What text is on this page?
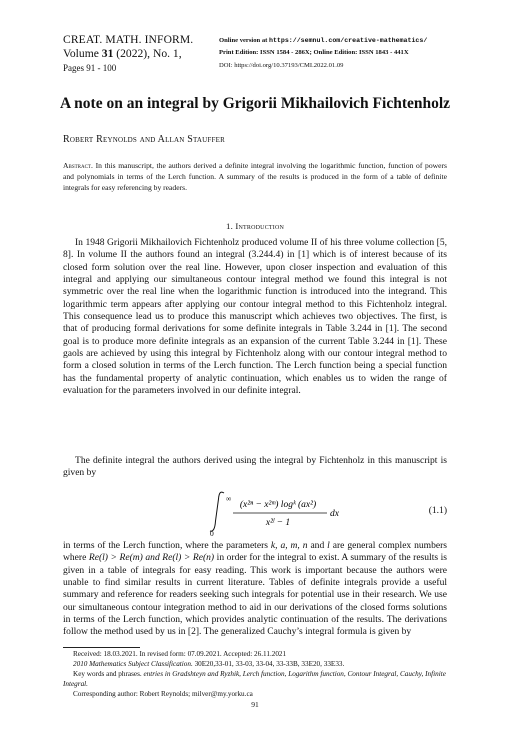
CREAT. MATH. INFORM.
Volume 31 (2022), No. 1,
Pages 91 - 100
Online version at https://semnul.com/creative-mathematics/
Print Edition: ISSN 1584 - 286X; Online Edition: ISSN 1843 - 441X
DOI: https://doi.org/10.37193/CMI.2022.01.09
A note on an integral by Grigorii Mikhailovich Fichtenholz
Robert Reynolds and Allan Stauffer
Abstract. In this manuscript, the authors derived a definite integral involving the logarithmic function, function of powers and polynomials in terms of the Lerch function. A summary of the results is produced in the form of a table of definite integrals for easy referencing by readers.
1. Introduction

In 1948 Grigorii Mikhailovich Fichtenholz produced volume II of his three volume collection [5, 8]. In volume II the authors found an integral (3.244.4) in [1] which is of interest because of its closed form solution over the real line. However, upon closer inspection and evaluation of this integral and applying our simultaneous contour integral method we found this integral is not symmetric over the real line when the logarithmic function is introduced into the integrand. This logarithmic term appears after applying our contour integral method to this Fichtenholz integral. This consequence lead us to produce this manuscript which achieves two objectives. The first, is that of producing formal derivations for some definite integrals in Table 3.244 in [1]. The second goal is to produce more definite integrals as an expansion of the current Table 3.244 in [1]. These gaols are achieved by using this integral by Fichtenholz along with our contour integral method to form a closed solution in terms of the Lerch function. The Lerch function being a special function has the fundamental property of analytic continuation, which enables us to widen the range of evaluation for the parameters involved in our definite integral.

The definite integral the authors derived using the integral by Fichtenholz in this manuscript is given by

∞
0
(x²ⁿ − x²ᵐ) logᵏ (ax²)
x²ˡ − 1
dx	(1.1)

in terms of the Lerch function, where the parameters k, a, m, n and l are general complex numbers where Re(l) > Re(m) and Re(l) > Re(n) in order for the integral to exist. A summary of the results is given in a table of integrals for easy reading. This work is important because the authors were unable to find similar results in current literature. Tables of definite integrals provide a useful summary and reference for readers seeking such integrals for potential use in their research. We use our simultaneous contour integration method to aid in our derivations of the closed forms solutions in terms of the Lerch function, which provides analytic continuation of the results. The derivations follow the method used by us in [2]. The generalized Cauchy’s integral formula is given by

Received: 18.03.2021. In revised form: 07.09.2021. Accepted: 26.11.2021
2010 Mathematics Subject Classification. 30E20,33-01, 33-03, 33-04, 33-33B, 33E20, 33E33.
Key words and phrases. entries in Gradshteyn and Ryzhik, Lerch function, Logarithm function, Contour Integral, Cauchy, Infinite Integral.
Corresponding author: Robert Reynolds; milver@my.yorku.ca
91
